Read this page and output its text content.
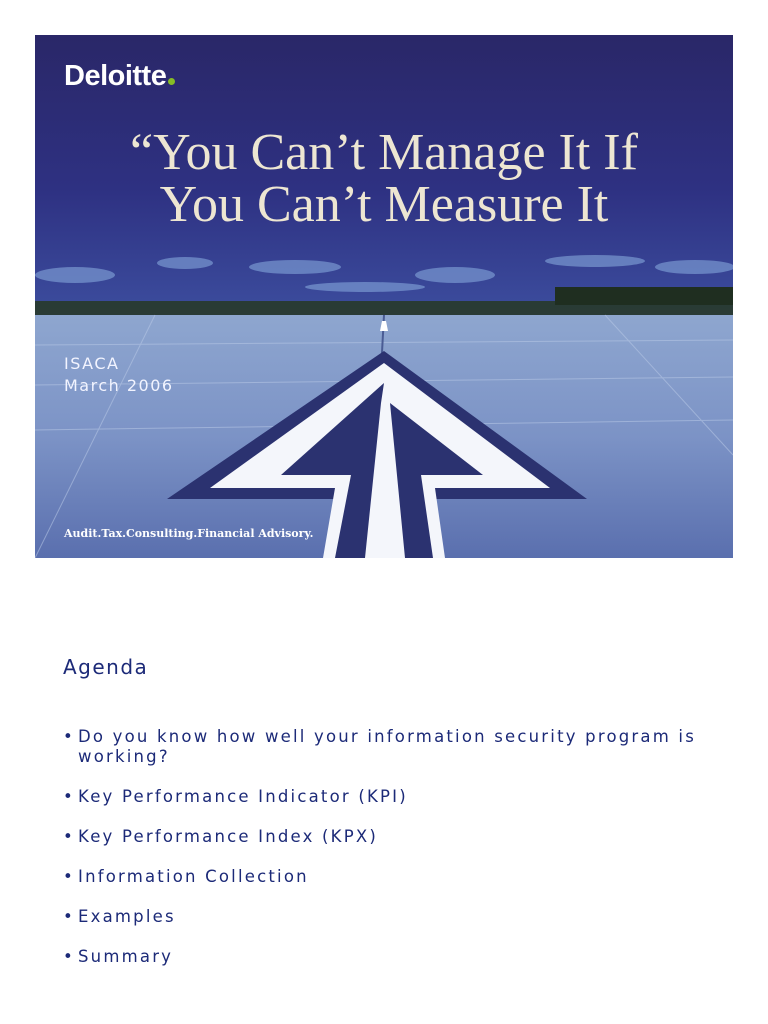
Deloitte
“You Can’t Manage It If
You Can’t Measure It
ISACA
March 2006
Audit.Tax.Consulting.Financial Advisory.
Agenda
• Do you know how well your information security program is working?
• Key Performance Indicator (KPI)
• Key Performance Index (KPX)
• Information Collection
• Examples
• Summary
